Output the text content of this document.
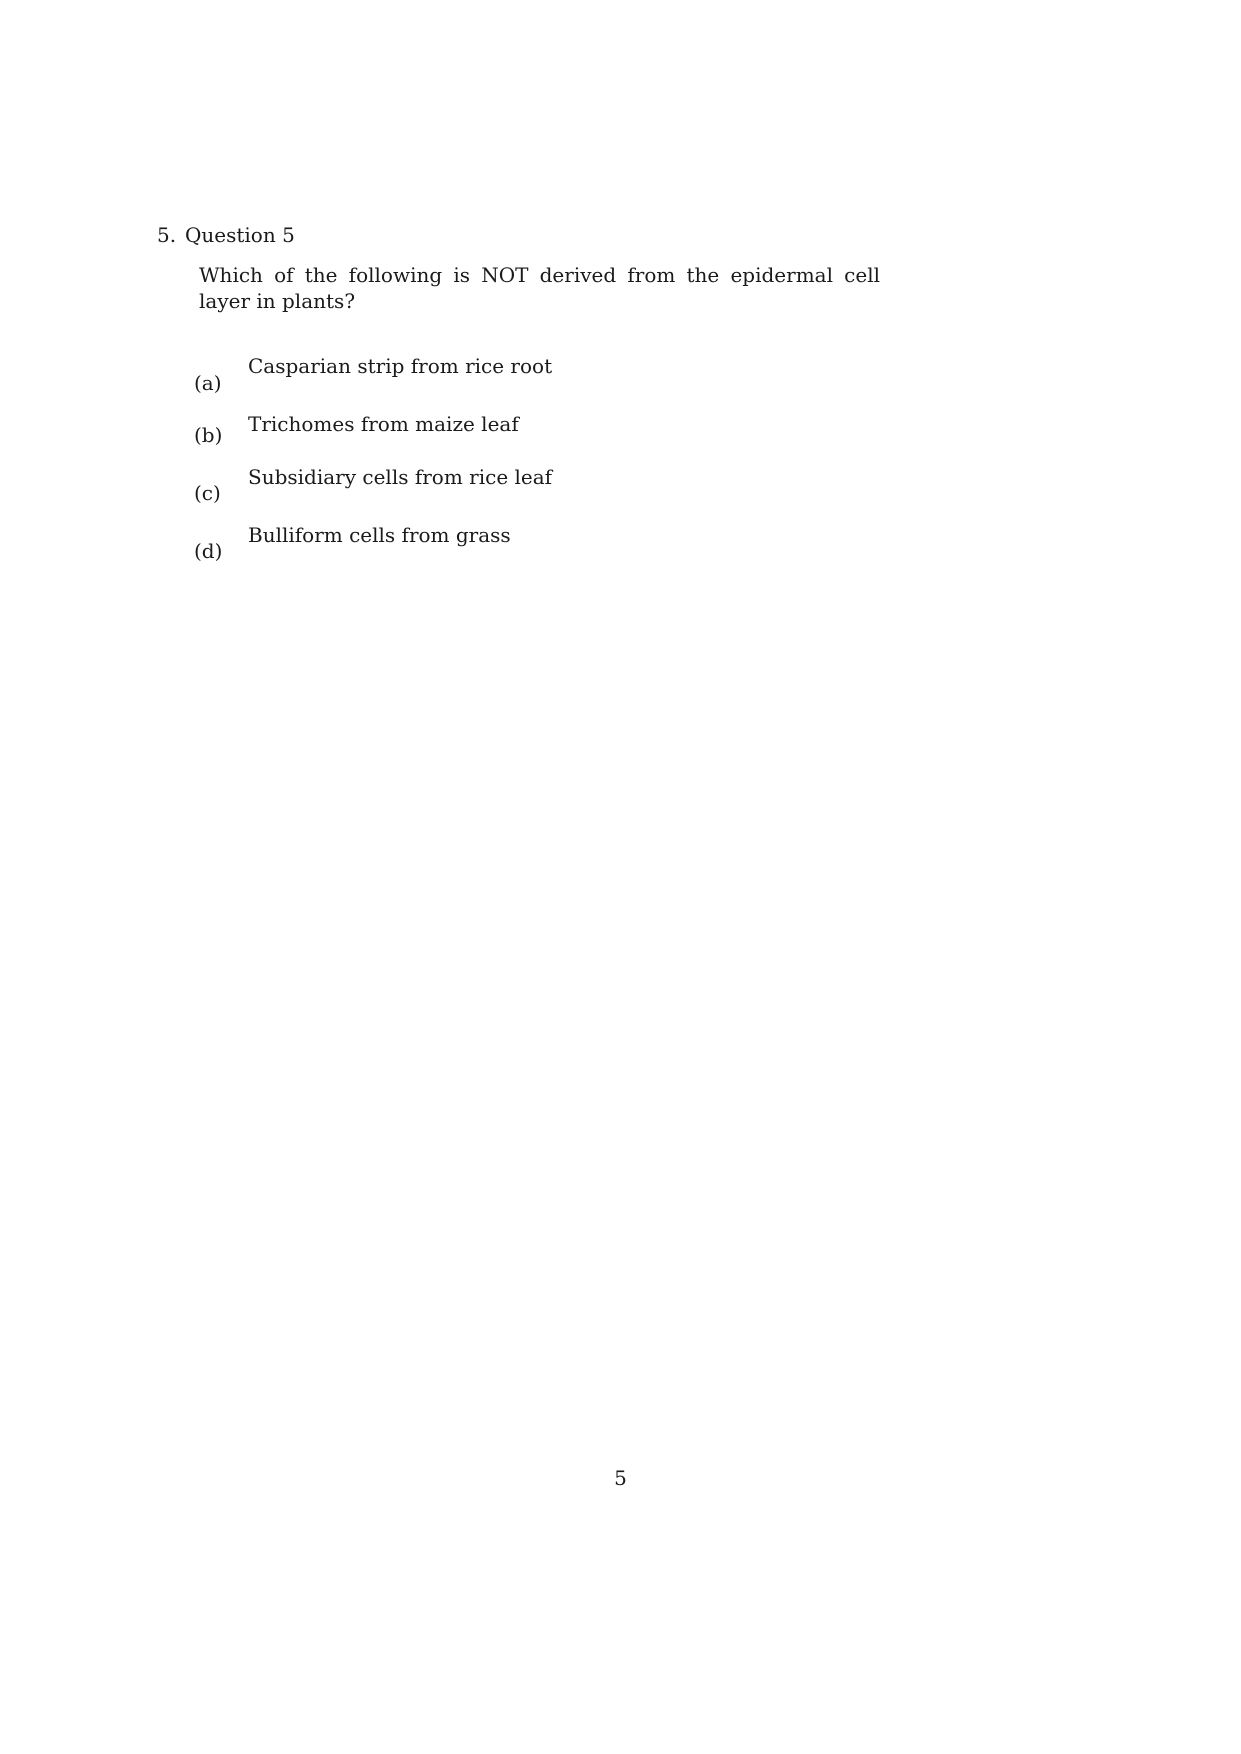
5. Question 5
Which of the following is NOT derived from the epidermal cell layer in plants?
(a)
Casparian strip from rice root
(b) Trichomes from maize leaf
(c)
Subsidiary cells from rice leaf
(d)
Bulliform cells from grass
5
